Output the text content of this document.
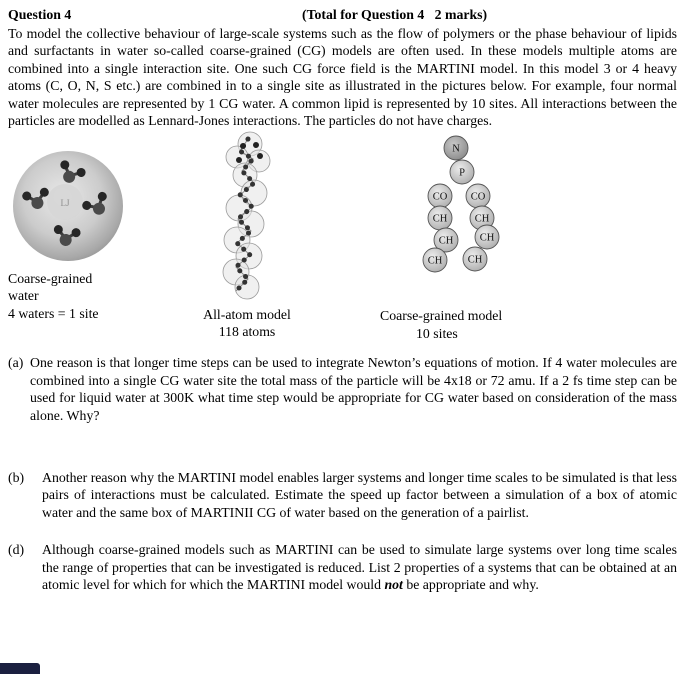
Question 4	(Total for Question 4   2 marks)

To model the collective behaviour of large-scale systems such as the flow of polymers or the phase behaviour of lipids and surfactants in water so-called coarse-grained (CG) models are often used. In these models multiple atoms are combined into a single interaction site. One such CG force field is the MARTINI model. In this model 3 or 4 heavy atoms (C, O, N, S etc.) are combined in to a single site as illustrated in the pictures below. For example, four normal water molecules are represented by 1 CG water. A common lipid is represented by 10 sites. All interactions between the particles are modelled as Lennard-Jones interactions. The particles do not have charges.

LJ
Coarse-grained
water
4 waters = 1 site	All-atom model
118 atoms
N
P
CO CO
CH	CH
CH	CH
CH CH
Coarse-grained model
10 sites
(a) One reason is that longer time steps can be used to integrate Newton’s equations of motion. If 4 water molecules are combined into a single CG water site the total mass of the particle will be 4x18 or 72 amu. If a 2 fs time step can be used for liquid water at 300K what time step would be appropriate for CG water based on consideration of the mass alone. Why?
(b)	Another reason why the MARTINI model enables larger systems and longer time scales to be simulated is that less pairs of interactions must be calculated. Estimate the speed up factor between a simulation of a box of atomic water and the same box of MARTINII CG of water based on the generation of a pairlist.
(d)	Although coarse-grained models such as MARTINI can be used to simulate large systems over long time scales the range of properties that can be investigated is reduced. List 2 properties of a systems that can be obtained at an atomic level for which for which the MARTINI model would not be appropriate and why.
